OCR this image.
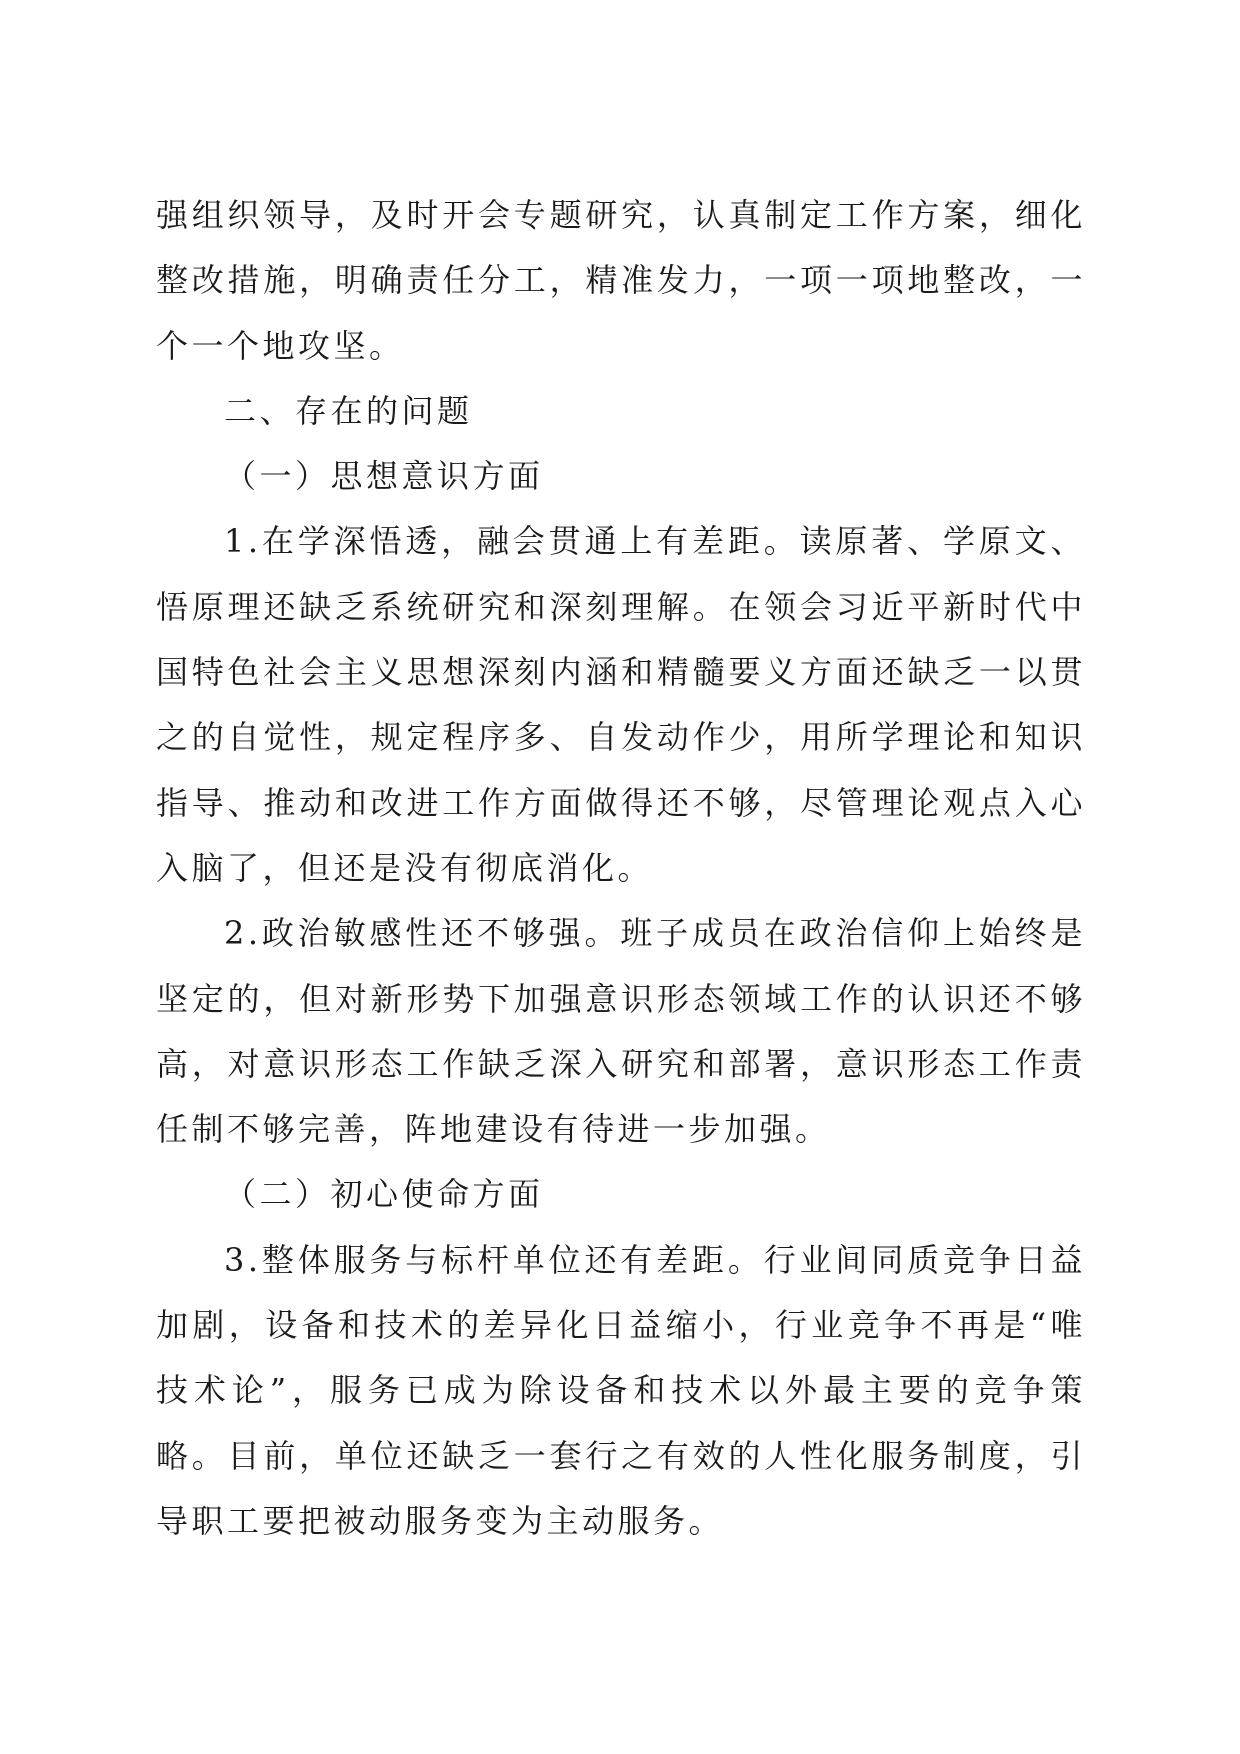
强组织领导，及时开会专题研究，认真制定工作方案，细化整改措施，明确责任分工，精准发力，一项一项地整改，一个一个地攻坚。

二、存在的问题

（一）思想意识方面

1.在学深悟透，融会贯通上有差距。读原著、学原文、悟原理还缺乏系统研究和深刻理解。在领会习近平新时代中国特色社会主义思想深刻内涵和精髓要义方面还缺乏一以贯之的自觉性，规定程序多、自发动作少，用所学理论和知识指导、推动和改进工作方面做得还不够，尽管理论观点入心入脑了，但还是没有彻底消化。

2.政治敏感性还不够强。班子成员在政治信仰上始终是坚定的，但对新形势下加强意识形态领域工作的认识还不够高，对意识形态工作缺乏深入研究和部署，意识形态工作责任制不够完善，阵地建设有待进一步加强。

（二）初心使命方面

3.整体服务与标杆单位还有差距。行业间同质竞争日益加剧，设备和技术的差异化日益缩小，行业竞争不再是“唯技术论”，服务已成为除设备和技术以外最主要的竞争策略。目前，单位还缺乏一套行之有效的人性化服务制度，引导职工要把被动服务变为主动服务。
